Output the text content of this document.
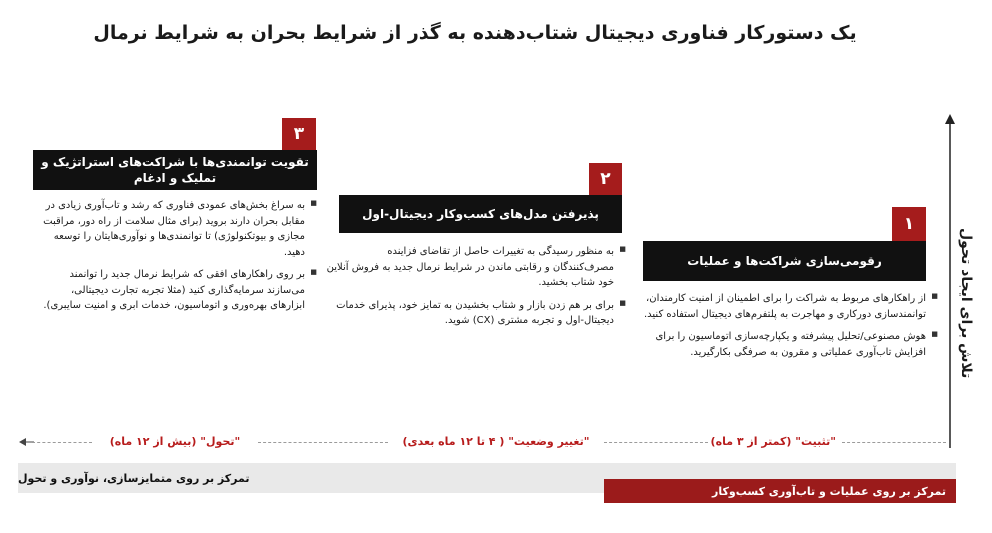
یک دستورکار فناوری دیجیتال شتاب‌دهنده به گذر از شرایط بحران به شرایط نرمال
تلاش برای ایجاد تحول
۳
تقویت توانمندی‌ها با شراکت‌های استراتژیک و تملیک و ادغام
■ به سراغ بخش‌های عمودی فناوری که رشد و تاب‌آوری زیادی در مقابل بحران دارند بروید (برای مثال سلامت از راه دور، مراقبت مجازی و بیوتکنولوژی) تا توانمندی‌ها و نوآوری‌هایتان را توسعه دهید.
■ بر روی راهکارهای افقی که شرایط نرمال جدید را توانمند می‌سازند سرمایه‌گذاری کنید (مثلا تجربه تجارت دیجیتالی، ابزارهای بهره‌وری و اتوماسیون، خدمات ابری و امنیت سایبری).
۲
پذیرفتن مدل‌های کسب‌وکار دیجیتال-اول
■ به منظور رسیدگی به تغییرات حاصل از تقاضای فزاینده مصرف‌کنندگان و رقابتی ماندن در شرایط نرمال جدید به فروش آنلاین خود شتاب بخشید.
■ برای بر هم زدن بازار و شتاب بخشیدن به تمایز خود، پذیرای خدمات دیجیتال-اول و تجربه مشتری (CX) شوید.
۱
رقومی‌سازی شراکت‌ها و عملیات
■ از راهکارهای مربوط به شراکت را برای اطمینان از امنیت کارمندان، توانمندسازی دورکاری و مهاجرت به پلتفرم‌های دیجیتال استفاده کنید.
■ هوش مصنوعی/تحلیل پیشرفته و یکپارچه‌سازی اتوماسیون را برای افزایش تاب‌آوری عملیاتی و مقرون به صرفگی بکارگیرید.
"تحول" (بیش از ۱۲ ماه)	"تغییر وضعیت" ( ۴ تا ۱۲ ماه بعدی)	"تثبیت" (کمتر از ۳ ماه)
تمرکز بر روی متمایزسازی، نوآوری و تحول
تمرکز بر روی عملیات و تاب‌آوری کسب‌وکار
